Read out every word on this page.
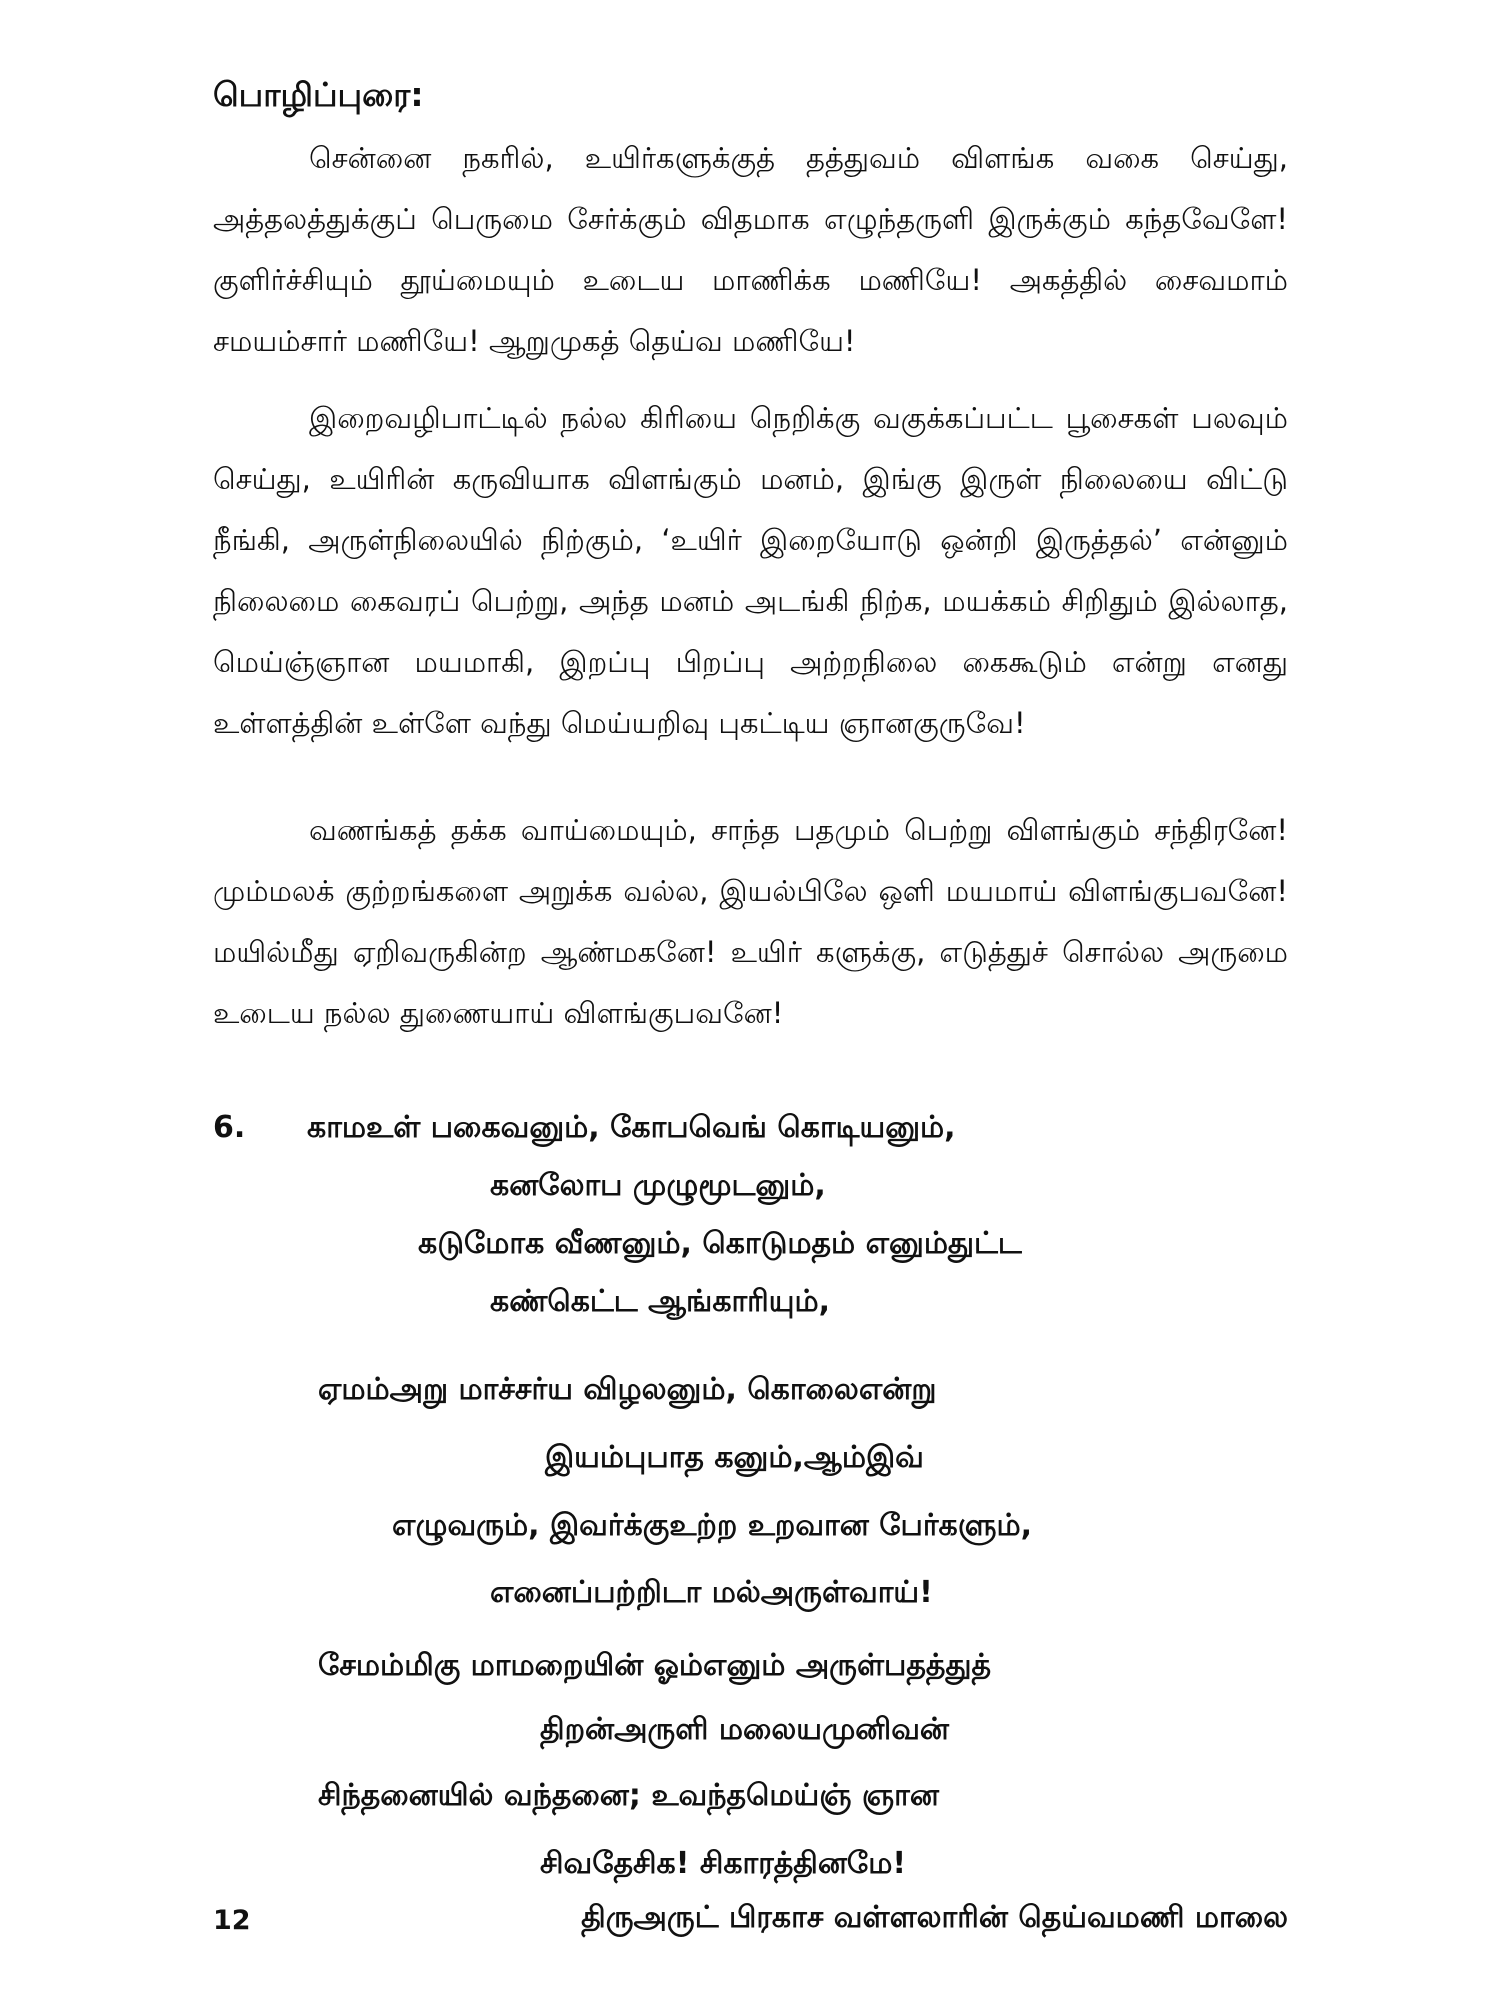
பொழிப்புரை:

சென்னை நகரில், உயிர்களுக்குத் தத்துவம் விளங்க வகை செய்து, அத்தலத்துக்குப் பெருமை சேர்க்கும் விதமாக எழுந்தருளி இருக்கும் கந்தவேளே! குளிர்ச்சியும் தூய்மையும் உடைய மாணிக்க மணியே! அகத்தில் சைவமாம் சமயம்சார் மணியே! ஆறுமுகத் தெய்வ மணியே!

இறைவழிபாட்டில் நல்ல கிரியை நெறிக்கு வகுக்கப்பட்ட பூசைகள் பலவும் செய்து, உயிரின் கருவியாக விளங்கும் மனம், இங்கு இருள் நிலையை விட்டு நீங்கி, அருள்நிலையில் நிற்கும், ‘உயிர் இறையோடு ஒன்றி இருத்தல்’ என்னும் நிலைமை கைவரப் பெற்று, அந்த மனம் அடங்கி நிற்க, மயக்கம் சிறிதும் இல்லாத, மெய்ஞ்ஞான மயமாகி, இறப்பு பிறப்பு அற்றநிலை கைகூடும் என்று எனது உள்ளத்தின் உள்ளே வந்து மெய்யறிவு புகட்டிய ஞானகுருவே!

வணங்கத் தக்க வாய்மையும், சாந்த பதமும் பெற்று விளங்கும் சந்திரனே! மும்மலக் குற்றங்களை அறுக்க வல்ல, இயல்பிலே ஒளி மயமாய் விளங்குபவனே! மயில்மீது ஏறிவருகின்ற ஆண்மகனே! உயிர் களுக்கு, எடுத்துச் சொல்ல அருமை உடைய நல்ல துணையாய் விளங்குபவனே!

6. காமஉள் பகைவனும், கோபவெங் கொடியனும்,
கனலோப முழுமூடனும்,
கடுமோக வீணனும், கொடுமதம் எனும்துட்ட
கண்கெட்ட ஆங்காரியும்,
ஏமம்அறு மாச்சர்ய விழலனும், கொலைஎன்று
இயம்புபாத கனும்,ஆம்இவ்
எழுவரும், இவர்க்குஉற்ற உறவான பேர்களும்,
எனைப்பற்றிடா மல்அருள்வாய்!
சேமம்மிகு மாமறையின் ஓம்எனும் அருள்பதத்துத்
திறன்அருளி மலையமுனிவன்
சிந்தனையில் வந்தனை; உவந்தமெய்ஞ் ஞான
சிவதேசிக! சிகாரத்தினமே!
12	திருஅருட் பிரகாச வள்ளலாரின் தெய்வமணி மாலை
